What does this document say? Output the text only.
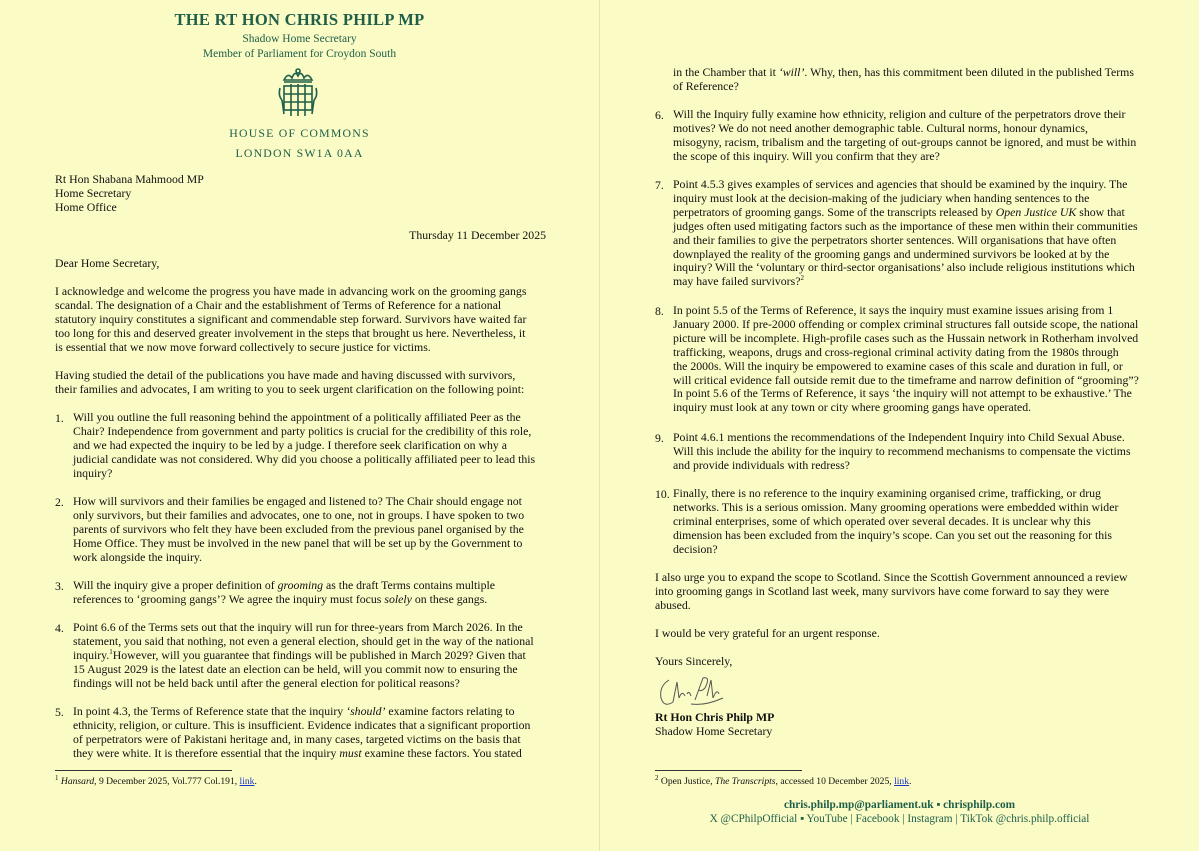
THE RT HON CHRIS PHILP MP
Shadow Home Secretary
Member of Parliament for Croydon South
HOUSE OF COMMONS
LONDON SW1A 0AA
Rt Hon Shabana Mahmood MP
Home Secretary
Home Office
Thursday 11 December 2025
Dear Home Secretary,
I acknowledge and welcome the progress you have made in advancing work on the grooming gangs
scandal. The designation of a Chair and the establishment of Terms of Reference for a national
statutory inquiry constitutes a significant and commendable step forward. Survivors have waited far
too long for this and deserved greater involvement in the steps that brought us here. Nevertheless, it
is essential that we now move forward collectively to secure justice for victims.
Having studied the detail of the publications you have made and having discussed with survivors,
their families and advocates, I am writing to you to seek urgent clarification on the following point:
1. Will you outline the full reasoning behind the appointment of a politically affiliated Peer as the
Chair? Independence from government and party politics is crucial for the credibility of this role,
and we had expected the inquiry to be led by a judge. I therefore seek clarification on why a
judicial candidate was not considered. Why did you choose a politically affiliated peer to lead this
inquiry?
2. How will survivors and their families be engaged and listened to? The Chair should engage not
only survivors, but their families and advocates, one to one, not in groups. I have spoken to two
parents of survivors who felt they have been excluded from the previous panel organised by the
Home Office. They must be involved in the new panel that will be set up by the Government to
work alongside the inquiry.
3. Will the inquiry give a proper definition of grooming as the draft Terms contains multiple
references to ‘grooming gangs’? We agree the inquiry must focus solely on these gangs.
4. Point 6.6 of the Terms sets out that the inquiry will run for three-years from March 2026. In the
statement, you said that nothing, not even a general election, should get in the way of the national
inquiry.$^1$However, will you guarantee that findings will be published in March 2029? Given that
15 August 2029 is the latest date an election can be held, will you commit now to ensuring the
findings will not be held back until after the general election for political reasons?
5. In point 4.3, the Terms of Reference state that the inquiry ‘should’ examine factors relating to
ethnicity, religion, or culture. This is insufficient. Evidence indicates that a significant proportion
of perpetrators were of Pakistani heritage and, in many cases, targeted victims on the basis that
they were white. It is therefore essential that the inquiry must examine these factors. You stated
$^1$ Hansard, 9 December 2025, Vol.777 Col.191, link.
in the Chamber that it ‘will’. Why, then, has this commitment been diluted in the published Terms
of Reference?
6. Will the Inquiry fully examine how ethnicity, religion and culture of the perpetrators drove their
motives? We do not need another demographic table. Cultural norms, honour dynamics,
misogyny, racism, tribalism and the targeting of out-groups cannot be ignored, and must be within
the scope of this inquiry. Will you confirm that they are?
7. Point 4.5.3 gives examples of services and agencies that should be examined by the inquiry. The
inquiry must look at the decision-making of the judiciary when handing sentences to the
perpetrators of grooming gangs. Some of the transcripts released by Open Justice UK show that
judges often used mitigating factors such as the importance of these men within their communities
and their families to give the perpetrators shorter sentences. Will organisations that have often
downplayed the reality of the grooming gangs and undermined survivors be looked at by the
inquiry? Will the ‘voluntary or third-sector organisations’ also include religious institutions which
may have failed survivors?$^2$
8. In point 5.5 of the Terms of Reference, it says the inquiry must examine issues arising from 1
January 2000. If pre-2000 offending or complex criminal structures fall outside scope, the national
picture will be incomplete. High-profile cases such as the Hussain network in Rotherham involved
trafficking, weapons, drugs and cross-regional criminal activity dating from the 1980s through
the 2000s. Will the inquiry be empowered to examine cases of this scale and duration in full, or
will critical evidence fall outside remit due to the timeframe and narrow definition of “grooming”?
In point 5.6 of the Terms of Reference, it says ‘the inquiry will not attempt to be exhaustive.’ The
inquiry must look at any town or city where grooming gangs have operated.
9. Point 4.6.1 mentions the recommendations of the Independent Inquiry into Child Sexual Abuse.
Will this include the ability for the inquiry to recommend mechanisms to compensate the victims
and provide individuals with redress?
10. Finally, there is no reference to the inquiry examining organised crime, trafficking, or drug
networks. This is a serious omission. Many grooming operations were embedded within wider
criminal enterprises, some of which operated over several decades. It is unclear why this
dimension has been excluded from the inquiry’s scope. Can you set out the reasoning for this
decision?
I also urge you to expand the scope to Scotland. Since the Scottish Government announced a review
into grooming gangs in Scotland last week, many survivors have come forward to say they were
abused.
I would be very grateful for an urgent response.
Yours Sincerely,
Rt Hon Chris Philp MP
Shadow Home Secretary
$^2$ Open Justice, The Transcripts, accessed 10 December 2025, link.
chris.philp.mp@parliament.uk ▪ chrisphilp.com
X @CPhilpOfficial ▪ YouTube | Facebook | Instagram | TikTok @chris.philp.official
